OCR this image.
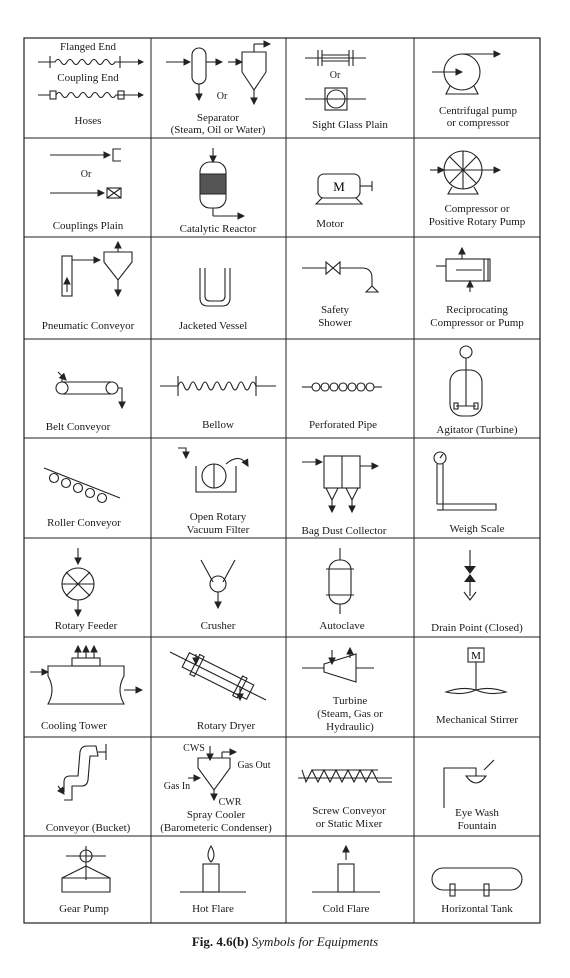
Flanged End
Coupling End
Hoses
Or
Separator
(Steam, Oil or Water)
Or
Sight Glass Plain
Centrifugal pump
or compressor
Or
Couplings Plain	Catalytic Reactor
M
Motor
Compressor or
Positive Rotary Pump
Pneumatic Conveyor	Jacketed Vessel
Safety
Shower
Reciprocating
Compressor or Pump
Belt Conveyor	Bellow	Perforated Pipe	Agitator (Turbine)
Roller Conveyor	Open Rotary
Vacuum Filter	Bag Dust Collector	Weigh Scale
Rotary Feeder	Crusher	Autoclave	Drain Point (Closed)
Cooling Tower	Rotary Dryer
Turbine
(Steam, Gas or
Hydraulic)
M
Mechanical Stirrer
Conveyor (Bucket)
CWS
Gas Out
Gas In
CWR
Spray Cooler
(Barometeric Condenser)
Screw Conveyor
or Static Mixer
Eye Wash
Fountain
Gear Pump	Hot Flare	Cold Flare	Horizontal Tank
Fig. 4.6(b) Symbols for Equipments
